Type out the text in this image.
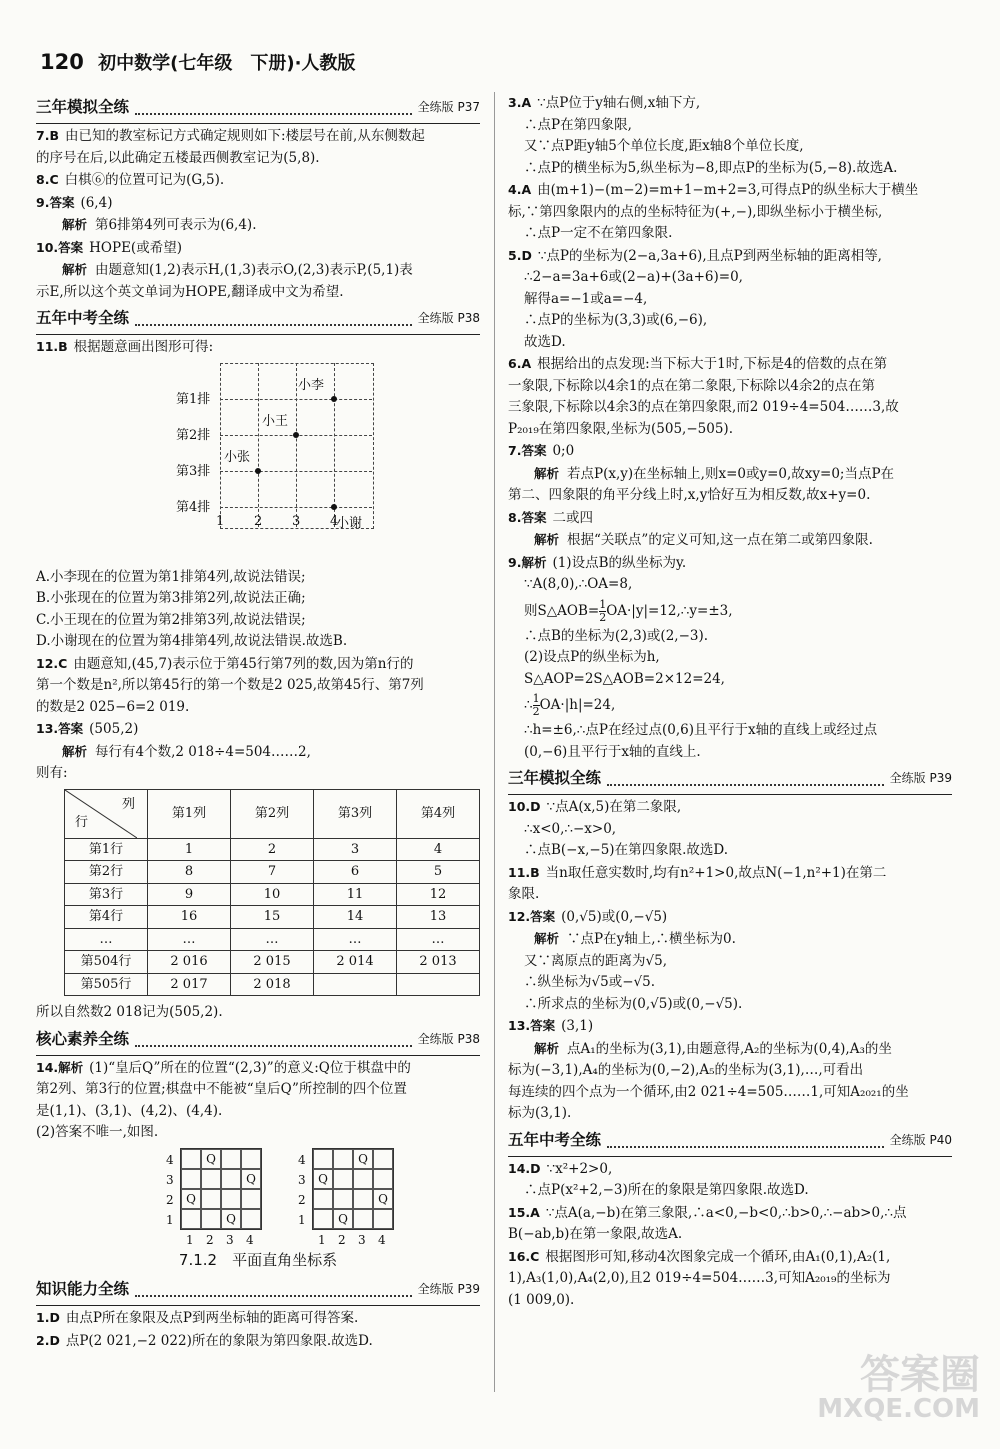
120 初中数学(七年级　下册)·人教版
三年模拟全练	全练版 P37

7.B 由已知的教室标记方式确定规则如下:楼层号在前,从东侧数起

的序号在后,以此确定五楼最西侧教室记为(5,8).

8.C 白棋⑥的位置可记为(G,5).

9.答案 (6,4)

解析 第6排第4列可表示为(6,4).

10.答案 HOPE(或希望)

解析 由题意知(1,2)表示H,(1,3)表示O,(2,3)表示P,(5,1)表

示E,所以这个英文单词为HOPE,翻译成中文为希望.

五年中考全练	全练版 P38

11.B 根据题意画出图形可得:

第1排
第2排
第3排
第4排
1 2 3 4
小李
小王
小张
小谢

A.小李现在的位置为第1排第4列,故说法错误;

B.小张现在的位置为第3排第2列,故说法正确;

C.小王现在的位置为第2排第3列,故说法错误;

D.小谢现在的位置为第4排第4列,故说法错误.故选B.

12.C 由题意知,(45,7)表示位于第45行第7列的数,因为第n行的

第一个数是n²,所以第45行的第一个数是2 025,故第45行、第7列

的数是2 025−6=2 019.

13.答案 (505,2)

解析 每行有4个数,2 018÷4=504……2,

则有:

列
行	第1列	第2列	第3列	第4列
第1行	1	2	3	4
第2行	8	7	6	5
第3行	9	10	11	12
第4行	16	15	14	13
…	…	…	…	…
第504行	2 016	2 015	2 014	2 013
第505行	2 017	2 018		

所以自然数2 018记为(505,2).

核心素养全练	全练版 P38

14.解析 (1)“皇后Q”所在的位置“(2,3)”的意义:Q位于棋盘中的

第2列、第3行的位置;棋盘中不能被“皇后Q”所控制的四个位置

是(1,1)、(3,1)、(4,2)、(4,4).

(2)答案不唯一,如图.

4
3
2
1
Q
Q
Q
Q
1 2 3 4
4
3
2
1
Q
Q
Q
Q
1 2 3 4
7.1.2　平面直角坐标系
知识能力全练	全练版 P39

1.D 由点P所在象限及点P到两坐标轴的距离可得答案.

2.D 点P(2 021,−2 022)所在的象限为第四象限.故选D.

3.A ∵点P位于y轴右侧,x轴下方,

∴点P在第四象限,

又∵点P距y轴5个单位长度,距x轴8个单位长度,

∴点P的横坐标为5,纵坐标为−8,即点P的坐标为(5,−8).故选A.

4.A 由(m+1)−(m−2)=m+1−m+2=3,可得点P的纵坐标大于横坐

标,∵第四象限内的点的坐标特征为(+,−),即纵坐标小于横坐标,

∴点P一定不在第四象限.

5.D ∵点P的坐标为(2−a,3a+6),且点P到两坐标轴的距离相等,

∴2−a=3a+6或(2−a)+(3a+6)=0,

解得a=−1或a=−4,

∴点P的坐标为(3,3)或(6,−6),

故选D.

6.A 根据给出的点发现:当下标大于1时,下标是4的倍数的点在第

一象限,下标除以4余1的点在第二象限,下标除以4余2的点在第

三象限,下标除以4余3的点在第四象限,而2 019÷4=504……3,故

P₂₀₁₉在第四象限,坐标为(505,−505).

7.答案 0;0

解析 若点P(x,y)在坐标轴上,则x=0或y=0,故xy=0;当点P在

第二、四象限的角平分线上时,x,y恰好互为相反数,故x+y=0.

8.答案 二或四

解析 根据“关联点”的定义可知,这一点在第二或第四象限.

9.解析 (1)设点B的纵坐标为y.

∵A(8,0),∴OA=8,

则S△AOB= $\frac{1}{2}$ OA·|y|=12,∴y=±3,

∴点B的坐标为(2,3)或(2,−3).

(2)设点P的纵坐标为h,

S△AOP=2S△AOB=2×12=24,

∴ $\frac{1}{2} OA\cdot|h|=24$,

∴h=±6,∴点P在经过点(0,6)且平行于x轴的直线上或经过点

(0,−6)且平行于x轴的直线上.

三年模拟全练	全练版 P39

10.D ∵点A(x,5)在第二象限,

∴x<0,∴−x>0,

∴点B(−x,−5)在第四象限.故选D.

11.B 当n取任意实数时,均有n²+1>0,故点N(−1,n²+1)在第二

象限.

12.答案 (0,√5)或(0,−√5)

解析 ∵点P在y轴上,∴横坐标为0.

又∵离原点的距离为√5,

∴纵坐标为√5或−√5.

∴所求点的坐标为(0,√5)或(0,−√5).

13.答案 (3,1)

解析 点A₁的坐标为(3,1),由题意得,A₂的坐标为(0,4),A₃的坐

标为(−3,1),A₄的坐标为(0,−2),A₅的坐标为(3,1),…,可看出

每连续的四个点为一个循环,由2 021÷4=505……1,可知A₂₀₂₁的坐

标为(3,1).

五年中考全练	全练版 P40

14.D ∵x²+2>0,

∴点P(x²+2,−3)所在的象限是第四象限.故选D.

15.A ∵点A(a,−b)在第三象限,∴a<0,−b<0,∴b>0,∴−ab>0,∴点

B(−ab,b)在第一象限,故选A.

16.C 根据图形可知,移动4次图象完成一个循环,由A₁(0,1),A₂(1,

1),A₃(1,0),A₄(2,0),且2 019÷4=504……3,可知A₂₀₁₉的坐标为

(1 009,0).

答案圈
MXQE.COM
